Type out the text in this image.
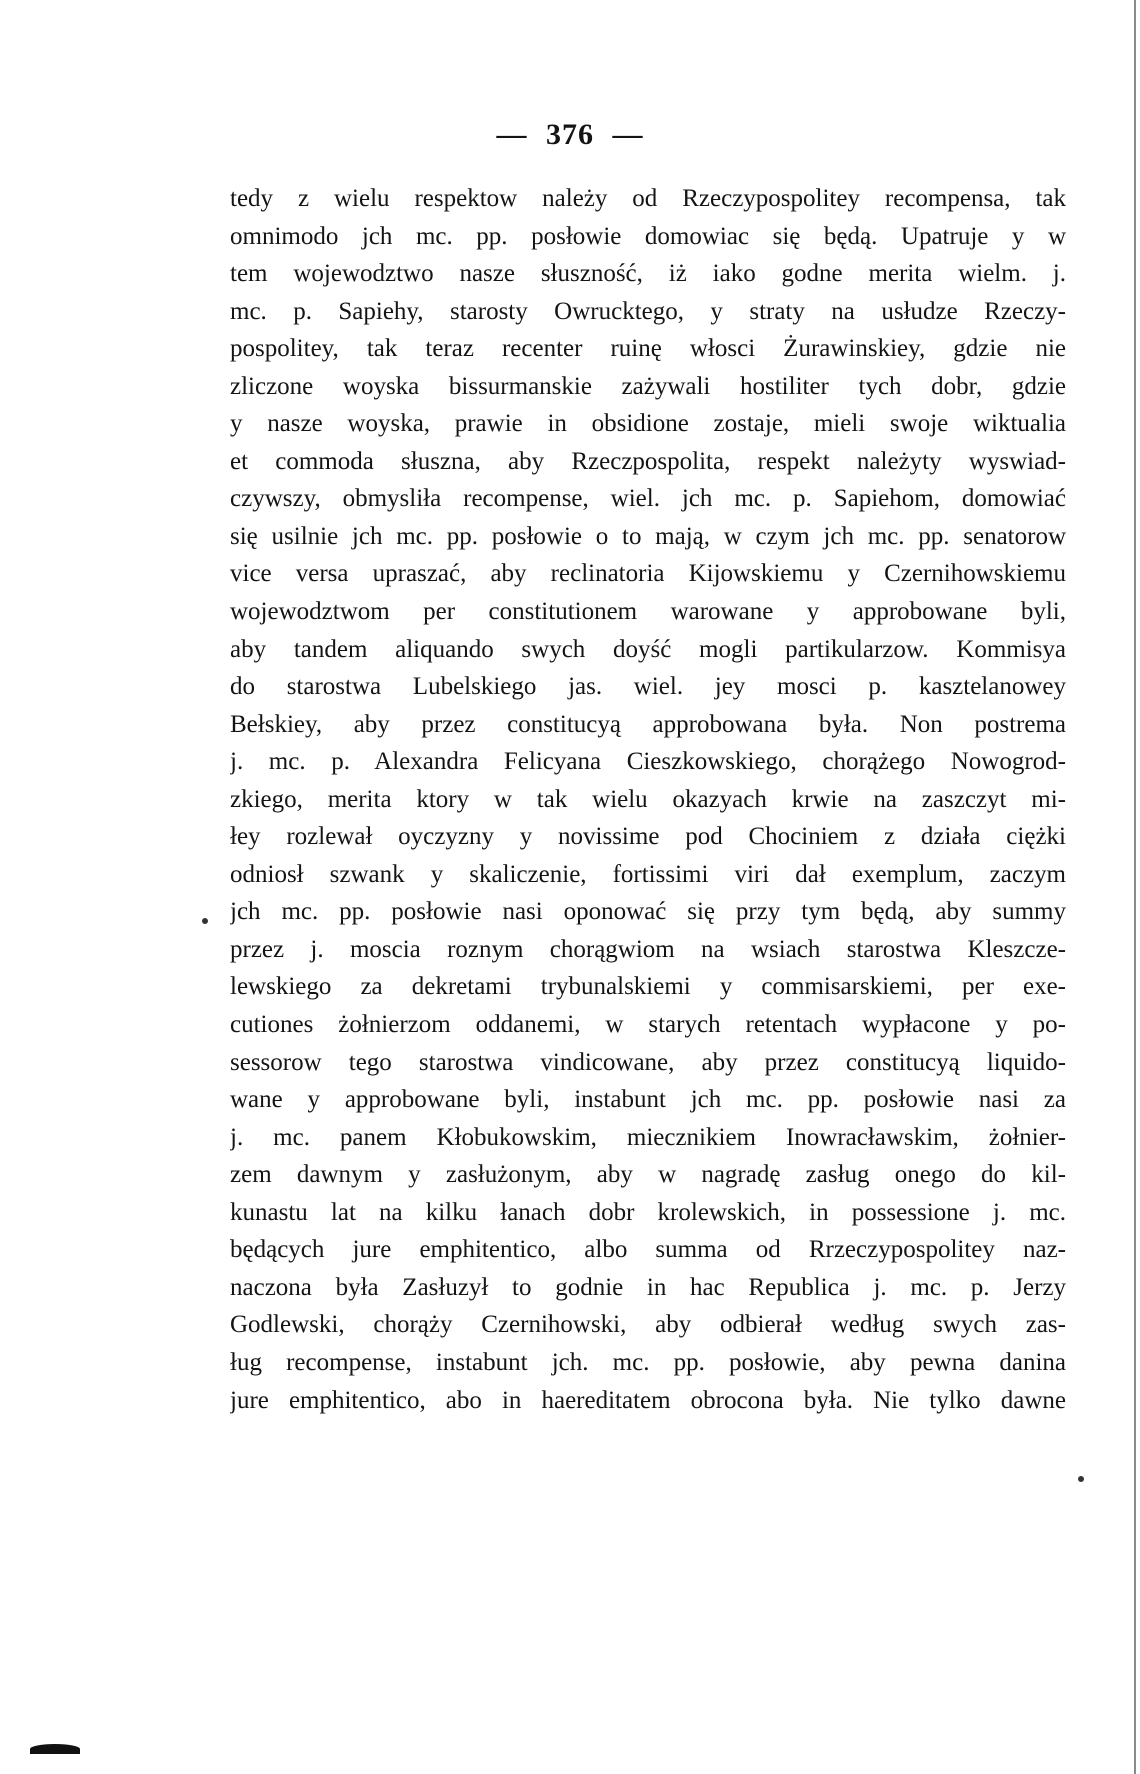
— 376 —
tedy z wielu respektow należy od Rzeczypospolitey recompensa, tak
omnimodo jch mc. pp. posłowie domowiac się będą. Upatruje y w
tem wojewodztwo nasze słuszność, iż iako godne merita wielm. j.
mc. p. Sapiehy, starosty Owrucktego, y straty na usłudze Rzeczy-
pospolitey, tak teraz recenter ruinę włosci Żurawinskiey, gdzie nie
zliczone woyska bissurmanskie zażywali hostiliter tych dobr, gdzie
y nasze woyska, prawie in obsidione zostaje, mieli swoje wiktualia
et commoda słuszna, aby Rzeczpospolita, respekt należyty wyswiad-
czywszy, obmysliła recompense, wiel. jch mc. p. Sapiehom, domowiać
się usilnie jch mc. pp. posłowie o to mają, w czym jch mc. pp. senatorow
vice versa upraszać, aby reclinatoria Kijowskiemu y Czernihowskiemu
wojewodztwom per constitutionem warowane y approbowane byli,
aby tandem aliquando swych doyść mogli partikularzow. Kommisya
do starostwa Lubelskiego jas. wiel. jey mosci p. kasztelanowey
Bełskiey, aby przez constitucyą approbowana była. Non postrema
j. mc. p. Alexandra Felicyana Cieszkowskiego, chorążego Nowogrod-
zkiego, merita ktory w tak wielu okazyach krwie na zaszczyt mi-
łey rozlewał oyczyzny y novissime pod Chociniem z działa ciężki
odniosł szwank y skaliczenie, fortissimi viri dał exemplum, zaczym
jch mc. pp. posłowie nasi oponować się przy tym będą, aby summy
przez j. moscia roznym chorągwiom na wsiach starostwa Kleszcze-
lewskiego za dekretami trybunalskiemi y commisarskiemi, per exe-
cutiones żołnierzom oddanemi, w starych retentach wypłacone y po-
sessorow tego starostwa vindicowane, aby przez constitucyą liquido-
wane y approbowane byli, instabunt jch mc. pp. posłowie nasi za
j. mc. panem Kłobukowskim, miecznikiem Inowracławskim, żołnier-
zem dawnym y zasłużonym, aby w nagradę zasług onego do kil-
kunastu lat na kilku łanach dobr krolewskich, in possessione j. mc.
będących jure emphitentico, albo summa od Rrzeczypospolitey naz-
naczona była Zasłuzył to godnie in hac Republica j. mc. p. Jerzy
Godlewski, chorąży Czernihowski, aby odbierał według swych zas-
ług recompense, instabunt jch. mc. pp. posłowie, aby pewna danina
jure emphitentico, abo in haereditatem obrocona była. Nie tylko dawne
